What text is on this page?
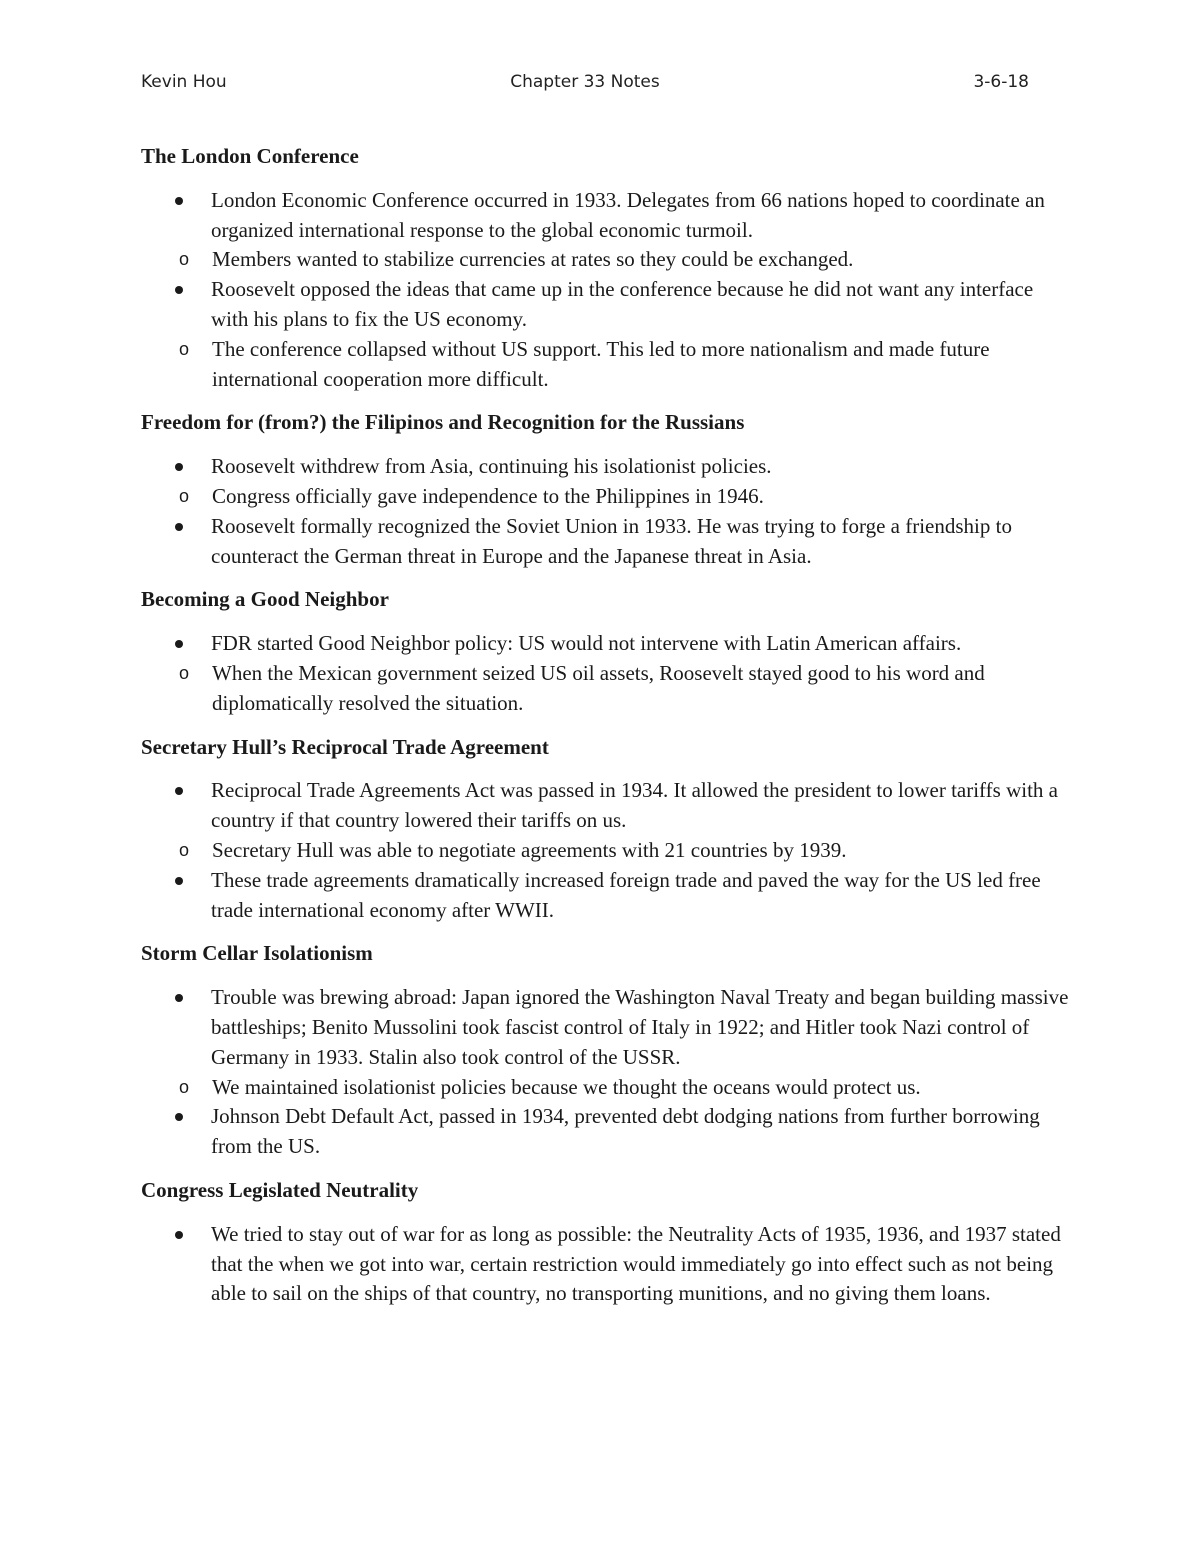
Kevin Hou	Chapter 33 Notes	3-6-18
The London Conference
London Economic Conference occurred in 1933. Delegates from 66 nations hoped to coordinate an organized international response to the global economic turmoil.
o Members wanted to stabilize currencies at rates so they could be exchanged.
Roosevelt opposed the ideas that came up in the conference because he did not want any interface with his plans to fix the US economy.
o The conference collapsed without US support. This led to more nationalism and made future international cooperation more difficult.
Freedom for (from?) the Filipinos and Recognition for the Russians
Roosevelt withdrew from Asia, continuing his isolationist policies.
o Congress officially gave independence to the Philippines in 1946.
Roosevelt formally recognized the Soviet Union in 1933. He was trying to forge a friendship to counteract the German threat in Europe and the Japanese threat in Asia.
Becoming a Good Neighbor
FDR started Good Neighbor policy: US would not intervene with Latin American affairs.
o When the Mexican government seized US oil assets, Roosevelt stayed good to his word and diplomatically resolved the situation.
Secretary Hull’s Reciprocal Trade Agreement
Reciprocal Trade Agreements Act was passed in 1934. It allowed the president to lower tariffs with a country if that country lowered their tariffs on us.
o Secretary Hull was able to negotiate agreements with 21 countries by 1939.
These trade agreements dramatically increased foreign trade and paved the way for the US led free trade international economy after WWII.
Storm Cellar Isolationism
Trouble was brewing abroad: Japan ignored the Washington Naval Treaty and began building massive battleships; Benito Mussolini took fascist control of Italy in 1922; and Hitler took Nazi control of Germany in 1933. Stalin also took control of the USSR.
o We maintained isolationist policies because we thought the oceans would protect us.
Johnson Debt Default Act, passed in 1934, prevented debt dodging nations from further borrowing from the US.
Congress Legislated Neutrality
We tried to stay out of war for as long as possible: the Neutrality Acts of 1935, 1936, and 1937 stated that the when we got into war, certain restriction would immediately go into effect such as not being able to sail on the ships of that country, no transporting munitions, and no giving them loans.
